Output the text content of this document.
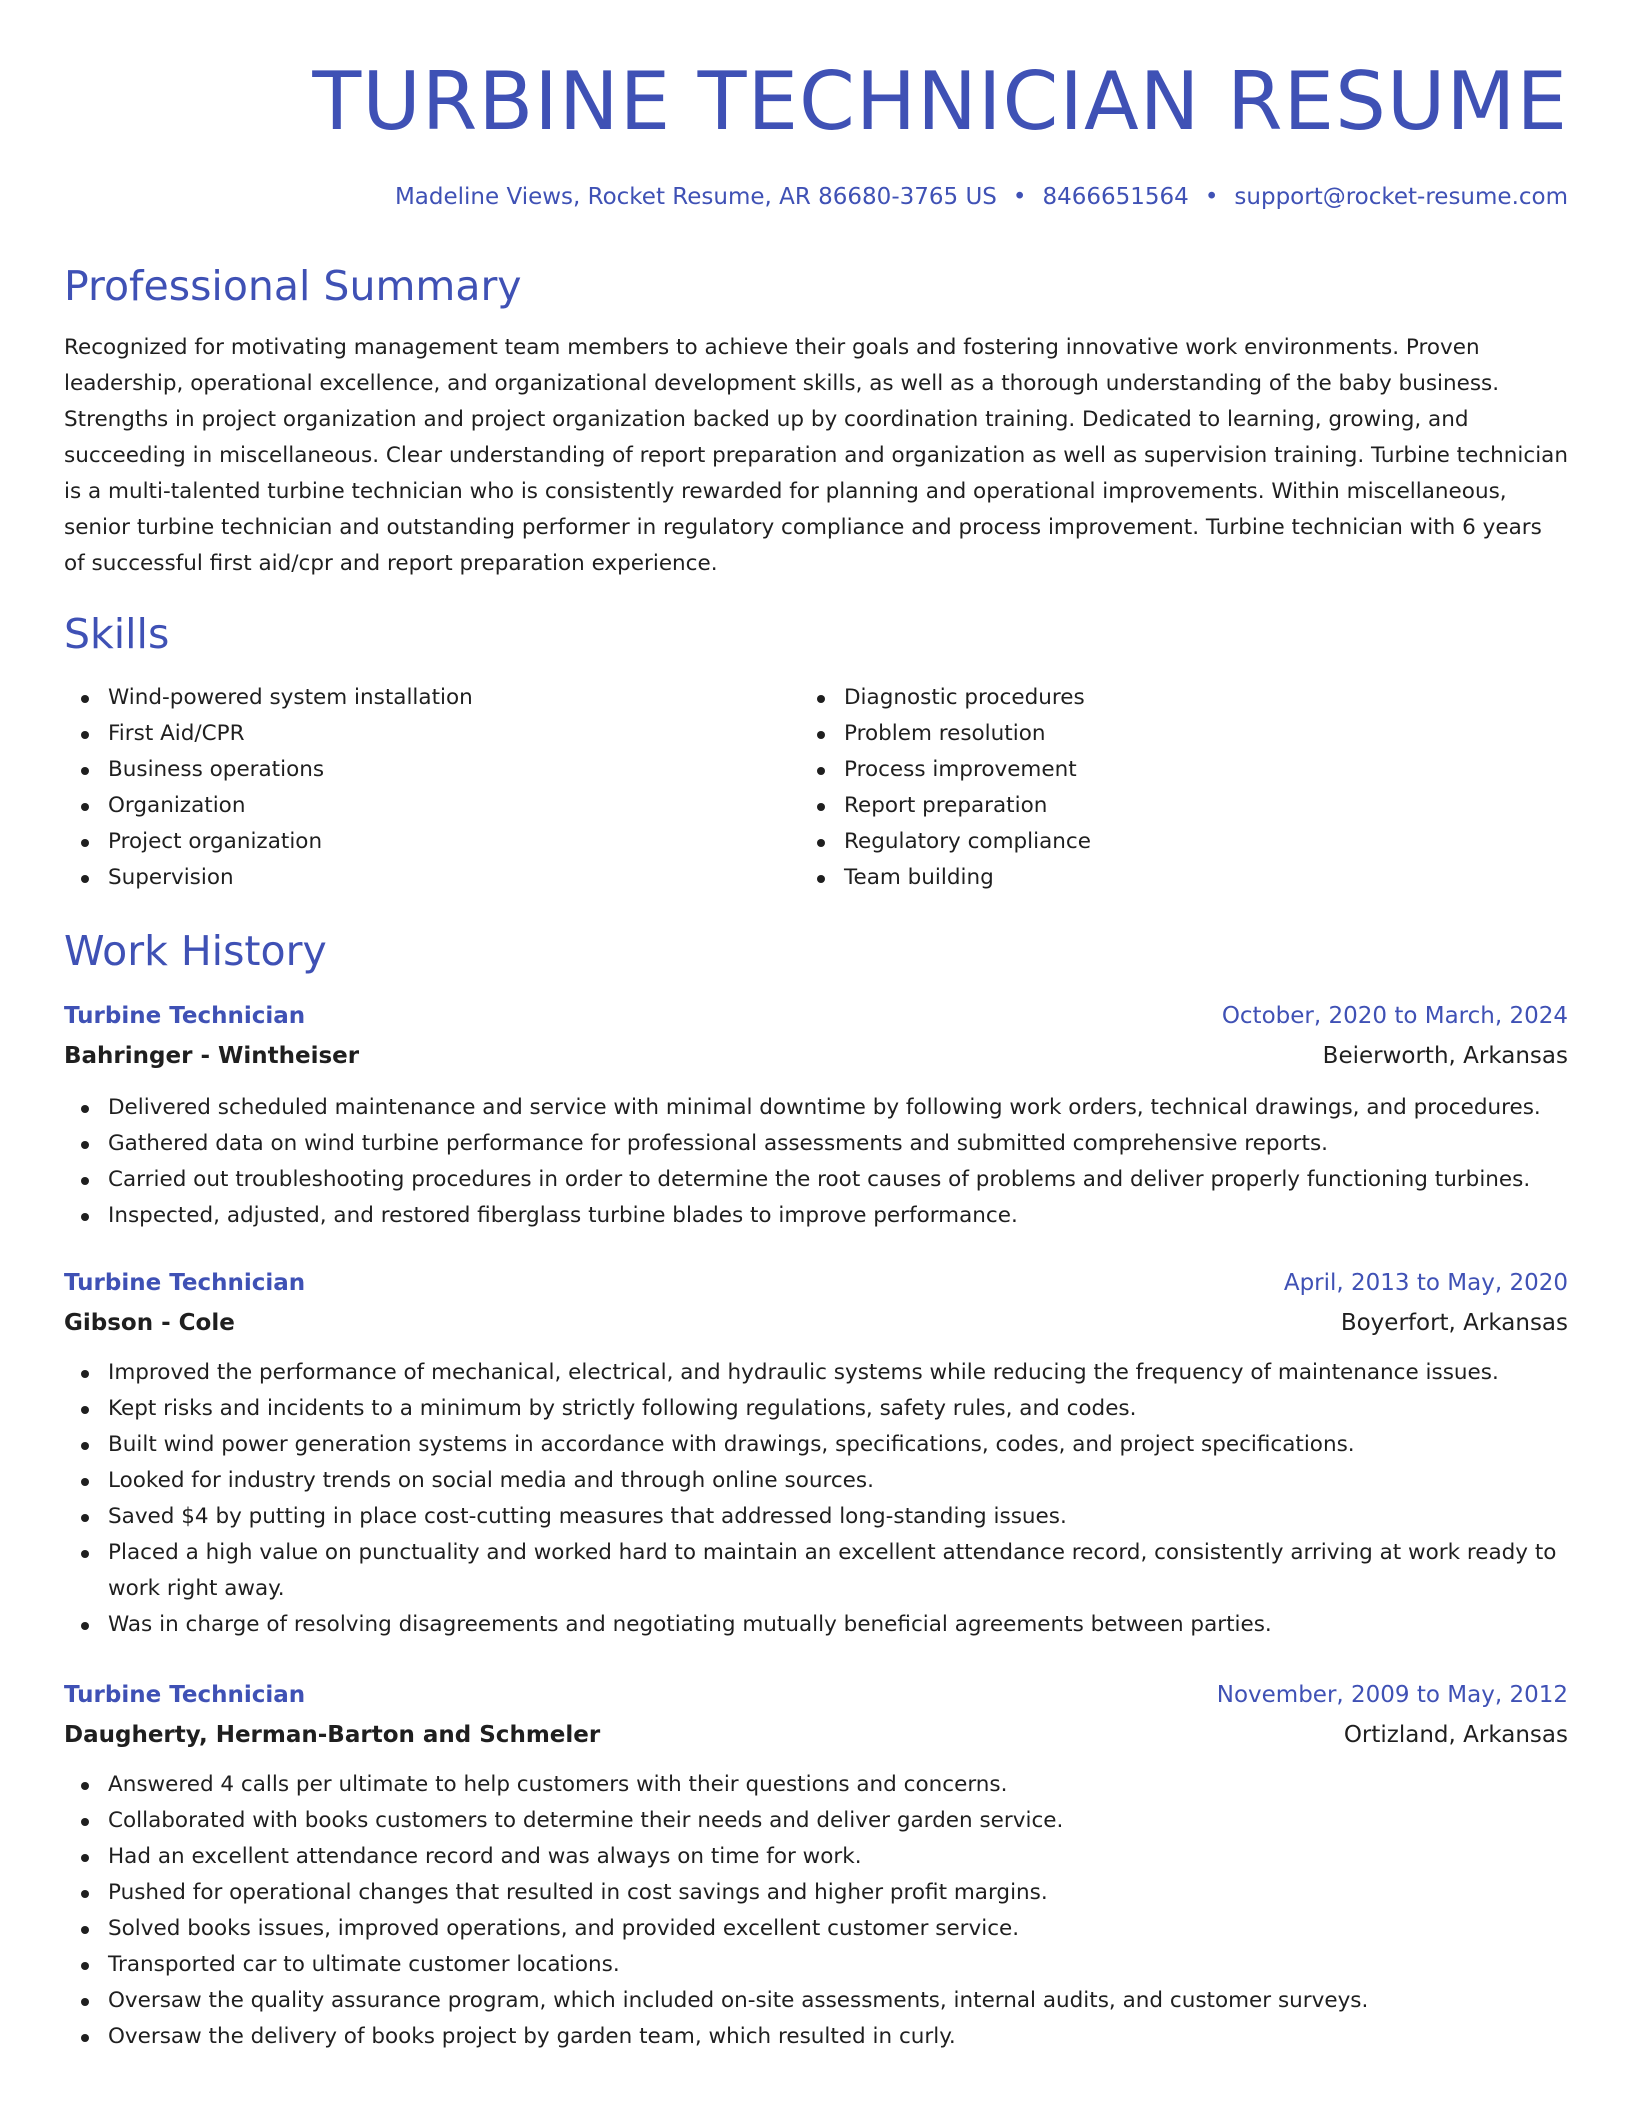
TURBINE TECHNICIAN RESUME
Madeline Views, Rocket Resume, AR 86680-3765 US • 8466651564 • support@rocket-resume.com
Professional Summary

Recognized for motivating management team members to achieve their goals and fostering innovative work environments. Proven leadership, operational excellence, and organizational development skills, as well as a thorough understanding of the baby business. Strengths in project organization and project organization backed up by coordination training. Dedicated to learning, growing, and succeeding in miscellaneous. Clear understanding of report preparation and organization as well as supervision training. Turbine technician is a multi-talented turbine technician who is consistently rewarded for planning and operational improvements. Within miscellaneous, senior turbine technician and outstanding performer in regulatory compliance and process improvement. Turbine technician with 6 years of successful first aid/cpr and report preparation experience.

Skills
Wind-powered system installation
First Aid/CPR
Business operations
Organization
Project organization
Supervision
Diagnostic procedures
Problem resolution
Process improvement
Report preparation
Regulatory compliance
Team building
Work History
Turbine Technician	October, 2020 to March, 2024
Bahringer - Wintheiser	Beierworth, Arkansas
Delivered scheduled maintenance and service with minimal downtime by following work orders, technical drawings, and procedures.
Gathered data on wind turbine performance for professional assessments and submitted comprehensive reports.
Carried out troubleshooting procedures in order to determine the root causes of problems and deliver properly functioning turbines.
Inspected, adjusted, and restored fiberglass turbine blades to improve performance.
Turbine Technician	April, 2013 to May, 2020
Gibson - Cole	Boyerfort, Arkansas
Improved the performance of mechanical, electrical, and hydraulic systems while reducing the frequency of maintenance issues.
Kept risks and incidents to a minimum by strictly following regulations, safety rules, and codes.
Built wind power generation systems in accordance with drawings, specifications, codes, and project specifications.
Looked for industry trends on social media and through online sources.
Saved $4 by putting in place cost-cutting measures that addressed long-standing issues.
Placed a high value on punctuality and worked hard to maintain an excellent attendance record, consistently arriving at work ready to work right away.
Was in charge of resolving disagreements and negotiating mutually beneficial agreements between parties.
Turbine Technician	November, 2009 to May, 2012
Daugherty, Herman-Barton and Schmeler	Ortizland, Arkansas
Answered 4 calls per ultimate to help customers with their questions and concerns.
Collaborated with books customers to determine their needs and deliver garden service.
Had an excellent attendance record and was always on time for work.
Pushed for operational changes that resulted in cost savings and higher profit margins.
Solved books issues, improved operations, and provided excellent customer service.
Transported car to ultimate customer locations.
Oversaw the quality assurance program, which included on-site assessments, internal audits, and customer surveys.
Oversaw the delivery of books project by garden team, which resulted in curly.
